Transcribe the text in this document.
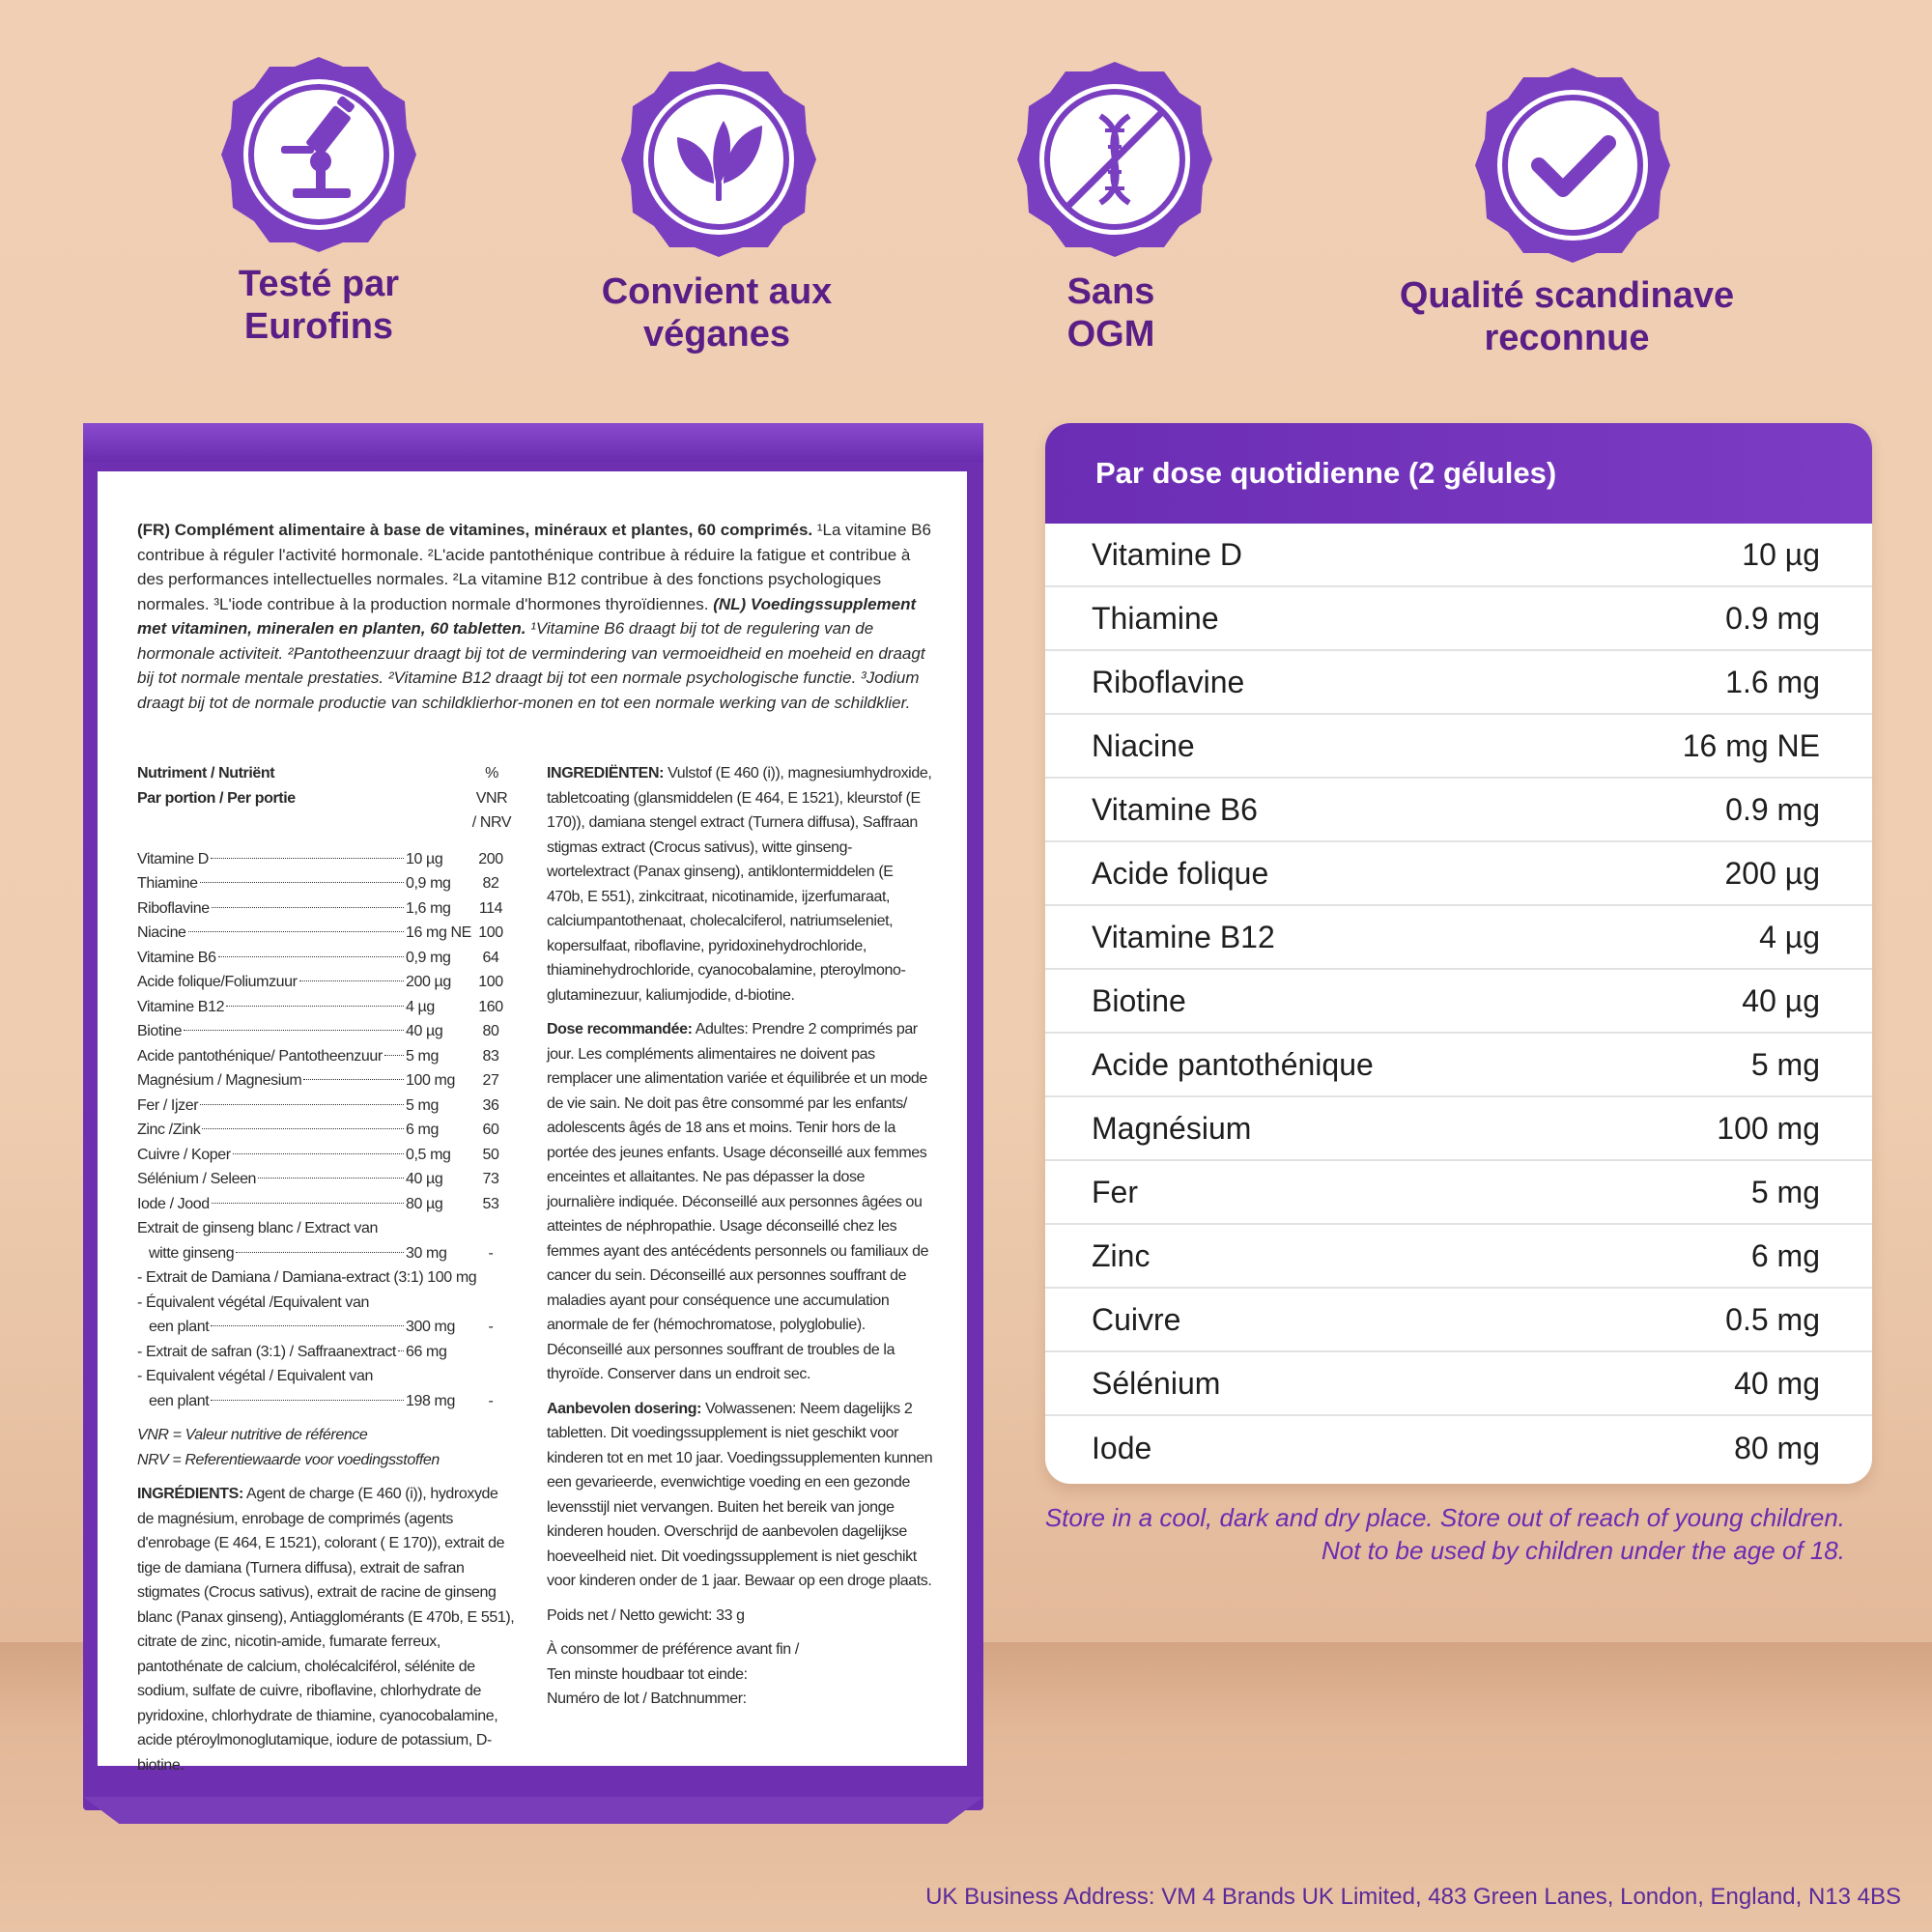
Testé par
Eurofins
Convient aux
véganes
Sans
OGM
Qualité scandinave
reconnue
(FR) Complément alimentaire à base de vitamines, minéraux et plantes, 60 comprimés. ¹La vitamine B6 contribue à réguler l'activité hormonale. ²L'acide pantothénique contribue à réduire la fatigue et contribue à des performances intellectuelles normales. ²La vitamine B12 contribue à des fonctions psychologiques normales. ³L'iode contribue à la production normale d'hormones thyroïdiennes. (NL) Voedingssupplement met vitaminen, mineralen en planten, 60 tabletten. ¹Vitamine B6 draagt bij tot de regulering van de hormonale activiteit. ²Pantotheenzuur draagt bij tot de vermindering van vermoeidheid en moeheid en draagt bij tot normale mentale prestaties. ²Vitamine B12 draagt bij tot een normale psychologische functie. ³Jodium draagt bij tot de normale productie van schildklierhor-monen en tot een normale werking van de schildklier.
Nutriment / Nutriënt
Par portion / Per portie
% VNR
/ NRV
Vitamine D	10 µg	200
Thiamine	0,9 mg	82
Riboflavine	1,6 mg	114
Niacine	16 mg NE 100
Vitamine B6	0,9 mg	64
Acide folique/Foliumzuur	200 µg	100
Vitamine B12	4 µg	160
Biotine	40 µg	80
Acide pantothénique/ Pantotheenzuur 5 mg	83
Magnésium / Magnesium	100 mg	27
Fer / Ijzer	5 mg	36
Zinc /Zink	6 mg	60
Cuivre / Koper	0,5 mg	50
Sélénium / Seleen	40 µg	73
Iode / Jood	80 µg	53
Extrait de ginseng blanc / Extract van
witte ginseng	30 mg	-
- Extrait de Damiana / Damiana-extract (3:1) 100 mg
- Équivalent végétal /Equivalent van
een plant	300 mg	-
- Extrait de safran (3:1) / Saffraanextract 66 mg
- Equivalent végétal / Equivalent van
een plant	198 mg	-
VNR = Valeur nutritive de référence
NRV = Referentiewaarde voor voedingsstoffen
INGRÉDIENTS: Agent de charge (E 460 (i)), hydroxyde de magnésium, enrobage de comprimés (agents d'enrobage (E 464, E 1521), colorant ( E 170)), extrait de tige de damiana (Turnera diffusa), extrait de safran stigmates (Crocus sativus), extrait de racine de ginseng blanc (Panax ginseng), Antiagglomérants (E 470b, E 551), citrate de zinc, nicotin-amide, fumarate ferreux, pantothénate de calcium, cholécalciférol, sélénite de sodium, sulfate de cuivre, riboflavine, chlorhydrate de pyridoxine, chlorhydrate de thiamine, cyanocobalamine, acide ptéroylmonoglutamique, iodure de potassium, D-biotine.
INGREDIËNTEN: Vulstof (E 460 (i)), magnesiumhydroxide, tabletcoating (glansmiddelen (E 464, E 1521), kleurstof (E 170)), damiana stengel extract (Turnera diffusa), Saffraan stigmas extract (Crocus sativus), witte ginseng-wortelextract (Panax ginseng), antiklontermiddelen (E 470b, E 551), zinkcitraat, nicotinamide, ijzerfumaraat, calciumpantothenaat, cholecalciferol, natriumseleniet, kopersulfaat, riboflavine, pyridoxinehydrochloride, thiaminehydrochloride, cyanocobalamine, pteroylmono-glutaminezuur, kaliumjodide, d-biotine.
Dose recommandée: Adultes: Prendre 2 comprimés par jour. Les compléments alimentaires ne doivent pas remplacer une alimentation variée et équilibrée et un mode de vie sain. Ne doit pas être consommé par les enfants/ adolescents âgés de 18 ans et moins. Tenir hors de la portée des jeunes enfants. Usage déconseillé aux femmes enceintes et allaitantes. Ne pas dépasser la dose journalière indiquée. Déconseillé aux personnes âgées ou atteintes de néphropathie. Usage déconseillé chez les femmes ayant des antécédents personnels ou familiaux de cancer du sein. Déconseillé aux personnes souffrant de maladies ayant pour conséquence une accumulation anormale de fer (hémochromatose, polyglobulie). Déconseillé aux personnes souffrant de troubles de la thyroïde. Conserver dans un endroit sec.
Aanbevolen dosering: Volwassenen: Neem dagelijks 2 tabletten. Dit voedingssupplement is niet geschikt voor kinderen tot en met 10 jaar. Voedingssupplementen kunnen een gevarieerde, evenwichtige voeding en een gezonde levensstijl niet vervangen. Buiten het bereik van jonge kinderen houden. Overschrijd de aanbevolen dagelijkse hoeveelheid niet. Dit voedingssupplement is niet geschikt voor kinderen onder de 1 jaar. Bewaar op een droge plaats.
Poids net / Netto gewicht: 33 g
À consommer de préférence avant fin /
Ten minste houdbaar tot einde:
Numéro de lot / Batchnummer:
Par dose quotidienne (2 gélules)
Vitamine D	10 µg
Thiamine	0.9 mg
Riboflavine	1.6 mg
Niacine	16 mg NE
Vitamine B6	0.9 mg
Acide folique	200 µg
Vitamine B12	4 µg
Biotine	40 µg
Acide pantothénique	5 mg
Magnésium	100 mg
Fer	5 mg
Zinc	6 mg
Cuivre	0.5 mg
Sélénium	40 mg
Iode	80 mg
Store in a cool, dark and dry place. Store out of reach of young children.
Not to be used by children under the age of 18.
UK Business Address: VM 4 Brands UK Limited, 483 Green Lanes, London, England, N13 4BS
